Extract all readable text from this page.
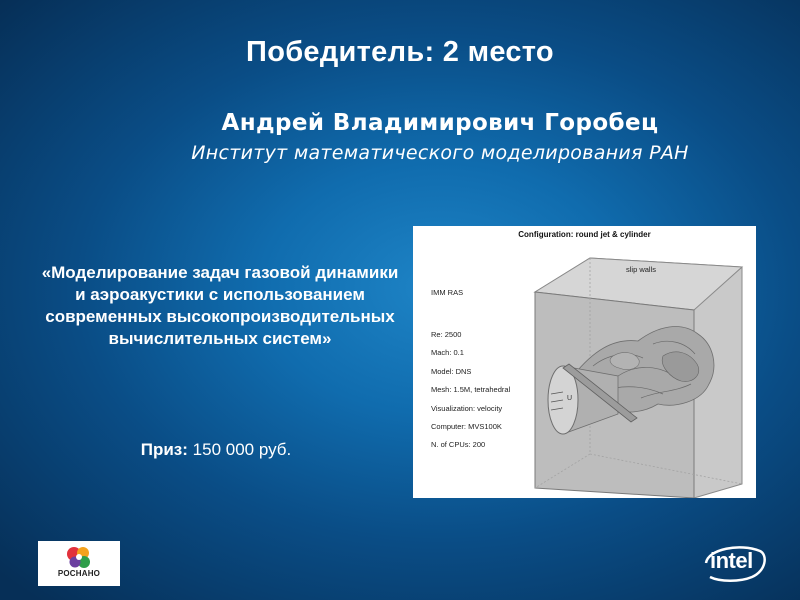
Победитель: 2 место
Андрей Владимирович Горобец
Институт математического моделирования РАН
«Моделирование задач газовой динамики и аэроакустики с использованием современных высокопроизводительных вычислительных систем»
Приз: 150 000 руб.
U
Configuration: round jet & cylinder
IMM RAS
slip walls
Re: 2500
Mach: 0.1
Model: DNS
Mesh: 1.5M, tetrahedral
Visualization: velocity
Computer: MVS100K
N. of CPUs: 200
РОСНАНО
intel
